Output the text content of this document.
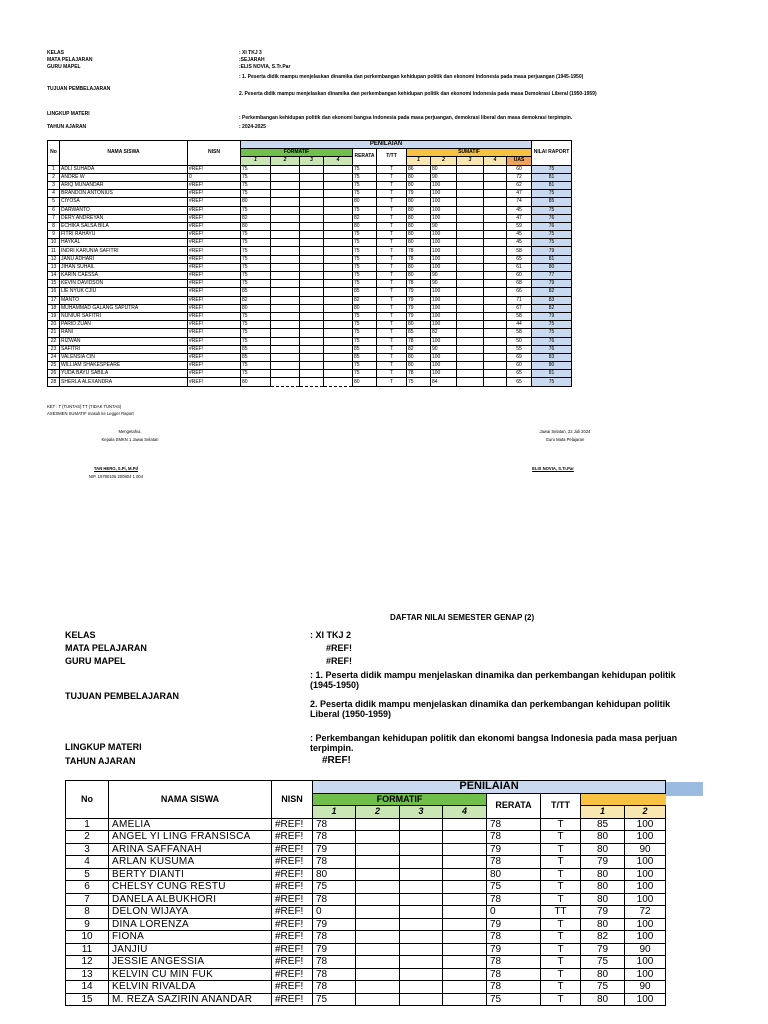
KELAS	: XI TKJ 3
MATA PELAJARAN	:SEJARAH
GURU MAPEL	:ELIS NOVIA, S.Tr.Par
TUJUAN PEMBELAJARAN
: 1. Peserta didik mampu menjelaskan dinamika dan perkembangan kehidupan politik dan ekonomi Indonesia pada masa perjuangan (1945-1950)
2. Peserta didik mampu menjelaskan dinamika dan perkembangan kehidupan politik dan ekonomi Indonesia pada masa Demokrasi Liberal (1950-1959)
LINGKUP MATERI
: Perkembangan kehidupan politik dan ekonomi bangsa Indonesia pada masa perjuangan, demokrasi liberal dan masa demokrasi terpimpin.
TAHUN AJARAN	: 2024-2025
No	NAMA SISWA	NISN	PENILAIAN											NILAI RAPORT
			FORMATIF				RERATA	T/TT	SUMATIF					
			1	2	3	4			1	2	3	4	UAS	
1	ADLI SUHADA	#REF!	75				75	T	86	80			60	75
2	ANDRE W	0	75				75	T	80	90			72	81
3	ARIQ MUNANDAR	#REF!	75				75	T	80	100			62	81
4	BRANDON ANTONIUS	#REF!	75				75	T	79	100			47	75
5	CIYOSA	#REF!	80				80	T	80	100			74	85
6	DARWANTO	#REF!	75				75	T	80	100			45	75
7	DERY ANDREYAN	#REF!	82				82	T	80	100			47	76
8	ECHIKA SALSA BILA	#REF!	80				80	T	80	90			59	76
9	FITRI RAHAYU	#REF!	75				75	T	80	100			45	75
10	HAYKAL	#REF!	75				75	T	80	100			45	75
11	INDRI KARUNIA SAFITRI	#REF!	75				75	T	78	100			58	79
12	JANU ADHARI	#REF!	75				75	T	78	100			65	81
13	JIHAN SUHAIL	#REF!	75				75	T	80	100			61	80
14	KARIN CAESSA	#REF!	75				75	T	80	90			60	77
15	KEVIN DAVIDSON	#REF!	75				75	T	78	90			68	79
16	LIE NYUK CJIU	#REF!	85				85	T	79	100			66	82
17	MANTO	#REF!	82				82	T	79	100			71	83
18	MUHAMMAD GALANG SAPUTRA	#REF!	80				80	T	79	100			67	82
19	NUNIUR SAFITRI	#REF!	75				75	T	79	100			58	79
20	PARID ZUAN	#REF!	75				75	T	80	100			44	75
21	RANI	#REF!	75				75	T	85	82			58	75
22	RIZWAN	#REF!	75				75	T	78	100			50	76
23	SAFITRI	#REF!	85				85	T	82	90			55	76
24	VALENSIA CIN	#REF!	85				85	T	80	100			69	83
25	WILLIAM SHAKESPEARE	#REF!	75				75	T	80	100			60	80
26	YUDA BAYU SABILA	#REF!	75				75	T	78	100			65	81
28	SHERLA ALEXANDRA	#REF!	80				80	T	75	84			65	75
KET : T (TUNTAS) TT (TIDAK TUNTAS)
ASESMEN SUMATIF masuk ke Legger Raport
Mengetahui,
Kepala SMKN 1 Jawai Selatan
TAN HERO, S.Pi, M.Pd
NIP. 19780105 200804 1 004
Jawai Selatan, 22 Juli 2024
Guru Mata Pelajaran
ELIS NOVIA, S.Tr.Par
DAFTAR NILAI SEMESTER GENAP (2)
KELAS	: XI TKJ 2
MATA PELAJARAN	#REF!
GURU MAPEL	#REF!
TUJUAN PEMBELAJARAN
: 1. Peserta didik mampu menjelaskan dinamika dan perkembangan kehidupan politik (1945-1950)
2. Peserta didik mampu menjelaskan dinamika dan perkembangan kehidupan politik Liberal (1950-1959)
LINGKUP MATERI
: Perkembangan kehidupan politik dan ekonomi bangsa Indonesia pada masa perjuan terpimpin.
TAHUN AJARAN	#REF!
No	NAMA SISWA	NISN	PENILAIAN							
			FORMATIF				RERATA	T/TT		
			1	2	3	4			1	2
1	AMELIA	#REF!	78				78	T	85	100
2	ANGEL YI LING FRANSISCA	#REF!	78				78	T	80	100
3	ARINA SAFFANAH	#REF!	79				79	T	80	90
4	ARLAN KUSUMA	#REF!	78				78	T	79	100
5	BERTY DIANTI	#REF!	80				80	T	80	100
6	CHELSY CUNG RESTU	#REF!	75				75	T	80	100
7	DANELA ALBUKHORI	#REF!	78				78	T	80	100
8	DELON WIJAYA	#REF!	0				0	TT	79	72
9	DINA LORENZA	#REF!	79				79	T	80	100
10	FIONA	#REF!	78				78	T	82	100
11	JANJIU	#REF!	79				79	T	79	90
12	JESSIE ANGESSIA	#REF!	78				78	T	75	100
13	KELVIN CU MIN FUK	#REF!	78				78	T	80	100
14	KELVIN RIVALDA	#REF!	78				78	T	75	90
15	M. REZA SAZIRIN ANANDAR	#REF!	75				75	T	80	100
